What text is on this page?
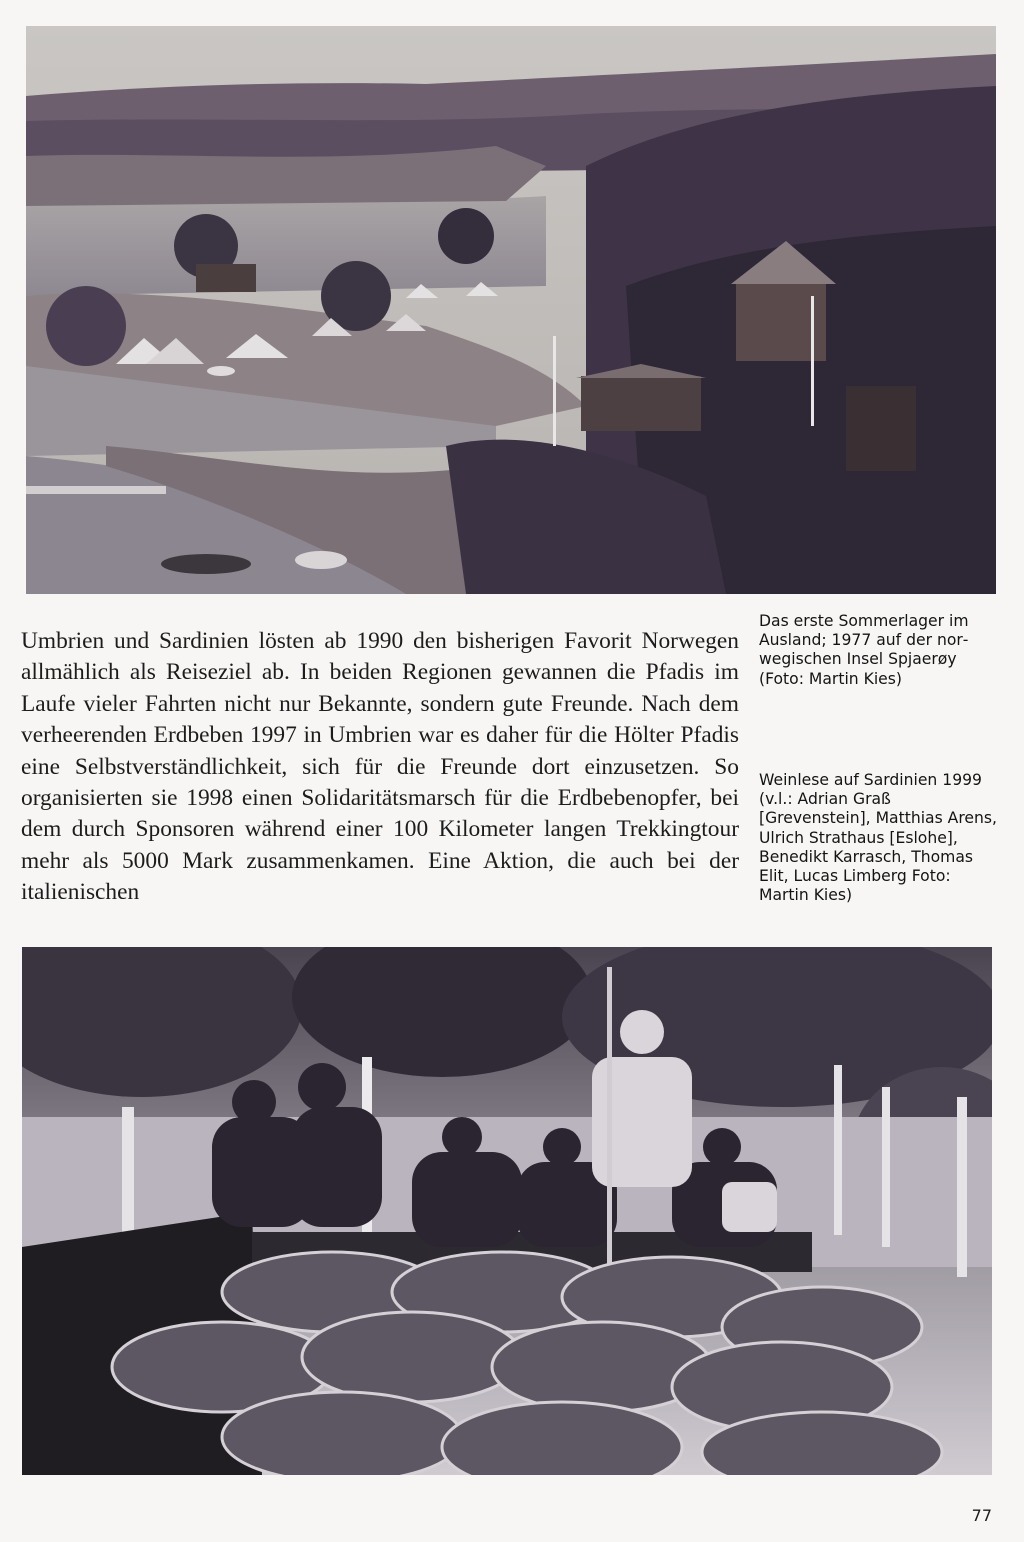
Umbrien und Sardinien lösten ab 1990 den bisherigen Favorit Norwegen allmählich als Reiseziel ab. In beiden Regionen gewannen die Pfadis im Laufe vieler Fahrten nicht nur Bekannte, sondern gute Freunde. Nach dem verheerenden Erdbeben 1997 in Umbrien war es daher für die Hölter Pfadis eine Selbstverständlichkeit, sich für die Freunde dort einzusetzen. So organisierten sie 1998 einen Solidaritätsmarsch für die Erdbebenopfer, bei dem durch Sponsoren während einer 100 Kilometer langen Trekkingtour mehr als 5000 Mark zusammenkamen. Eine Aktion, die auch bei der italienischen

Das erste Sommerlager im Ausland; 1977 auf der norwegischen Insel Spjaerøy (Foto: Martin Kies)

Weinlese auf Sardinien 1999 (v.l.: Adrian Graß [Grevenstein], Matthias Arens, Ulrich Strathaus [Eslohe], Benedikt Karrasch, Thomas Elit, Lucas Limberg Foto: Martin Kies)

77
